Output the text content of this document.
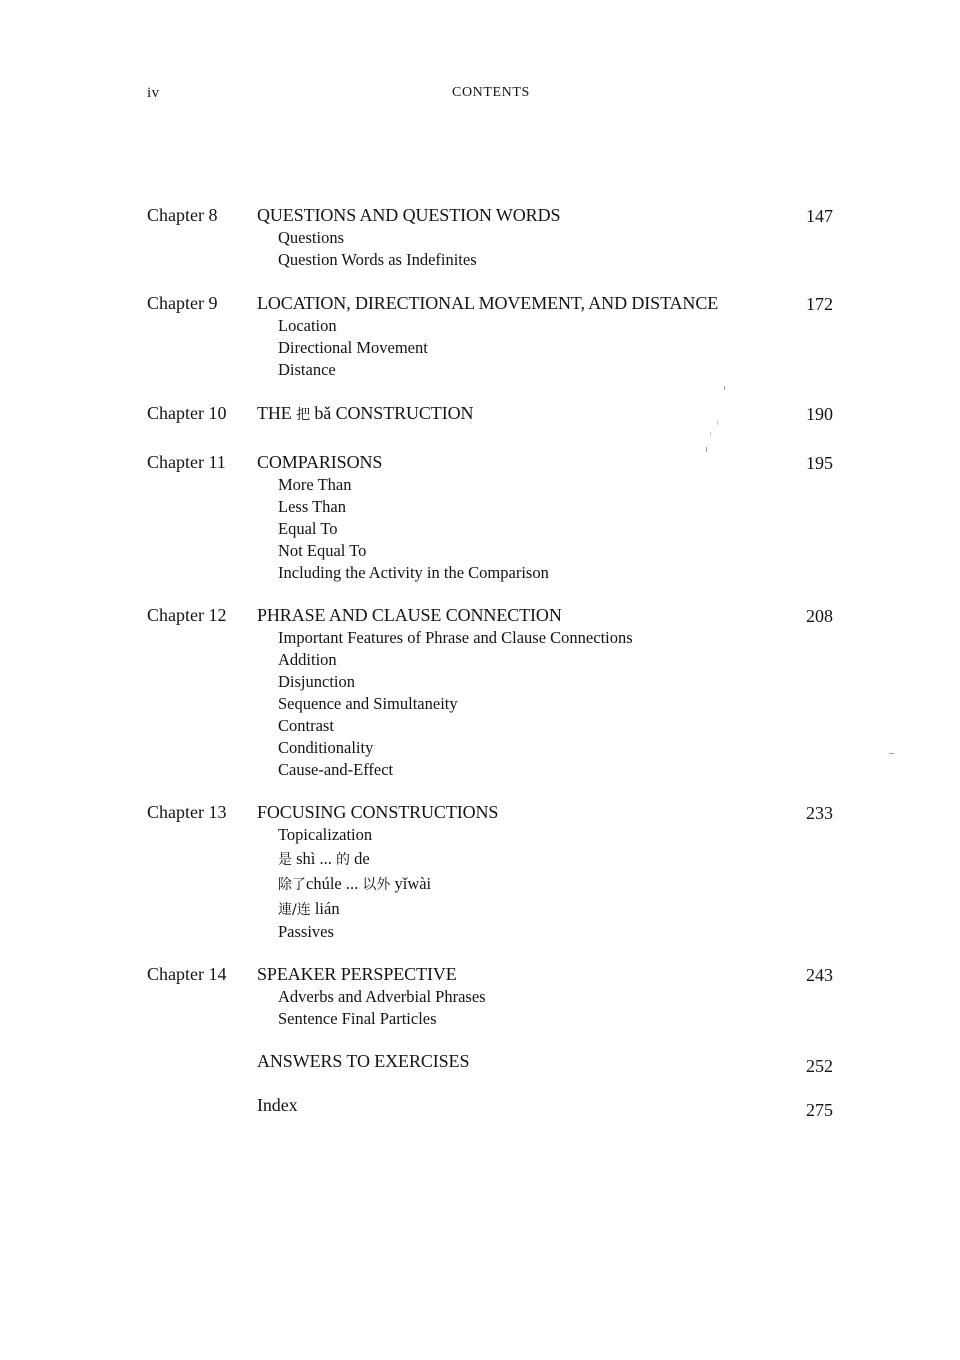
iv	CONTENTS
Chapter 8 QUESTIONS AND QUESTION WORDS	147
Questions
Question Words as Indefinites
Chapter 9 LOCATION, DIRECTIONAL MOVEMENT, AND DISTANCE	172
Location
Directional Movement
Distance
Chapter 10 THE 把 bǎ CONSTRUCTION	190
Chapter 11 COMPARISONS	195
More Than
Less Than
Equal To
Not Equal To
Including the Activity in the Comparison
Chapter 12 PHRASE AND CLAUSE CONNECTION	208
Important Features of Phrase and Clause Connections
Addition
Disjunction
Sequence and Simultaneity
Contrast
Conditionality
Cause-and-Effect
Chapter 13 FOCUSING CONSTRUCTIONS	233
Topicalization
是 shì ... 的 de
除了chúle ... 以外 yǐwài
連/连 lián
Passives
Chapter 14 SPEAKER PERSPECTIVE	243
Adverbs and Adverbial Phrases
Sentence Final Particles
ANSWERS TO EXERCISES	252
Index	275
